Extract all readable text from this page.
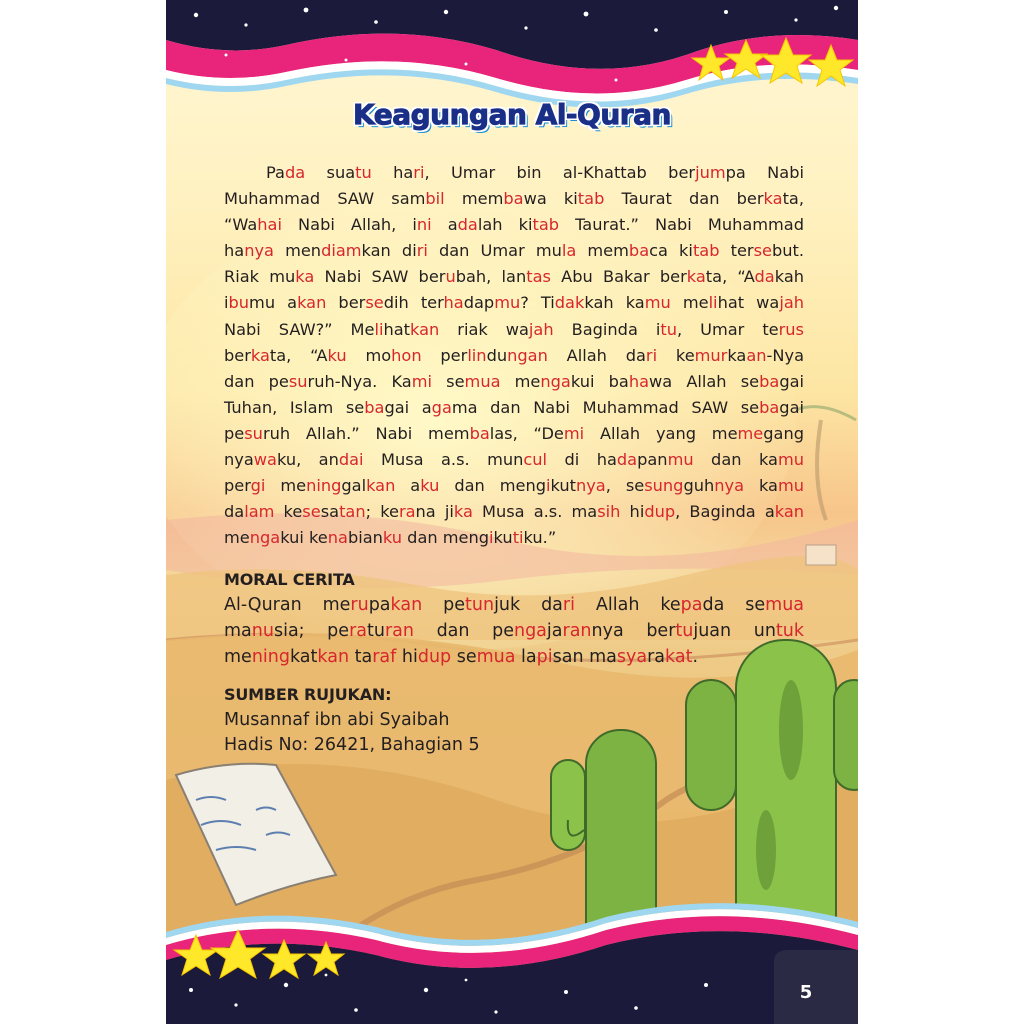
Keagungan Al-Quran
Pada suatu hari, Umar bin al-Khattab berjumpa Nabi
Muhammad SAW sambil membawa kitab Taurat dan berkata,
“Wahai Nabi Allah, ini adalah kitab Taurat.” Nabi Muhammad
hanya mendiamkan diri dan Umar mula membaca kitab tersebut.
Riak muka Nabi SAW berubah, lantas Abu Bakar berkata, “Adakah
ibumu akan bersedih terhadapmu? Tidakkah kamu melihat wajah
Nabi SAW?” Melihatkan riak wajah Baginda itu, Umar terus
berkata, “Aku mohon perlindungan Allah dari kemurkaan-Nya
dan pesuruh-Nya. Kami semua mengakui bahawa Allah sebagai
Tuhan, Islam sebagai agama dan Nabi Muhammad SAW sebagai
pesuruh Allah.” Nabi membalas, “Demi Allah yang memegang
nyawaku, andai Musa a.s. muncul di hadapanmu dan kamu
pergi meninggalkan aku dan mengikutnya, sesungguhnya kamu
dalam kesesatan; kerana jika Musa a.s. masih hidup, Baginda akan
mengakui kenabianku dan mengikutiku.”
MORAL CERITA
Al-Quran merupakan petunjuk dari Allah kepada semua
manusia; peraturan dan pengajarannya bertujuan untuk
meningkatkan taraf hidup semua lapisan masyarakat.
SUMBER RUJUKAN:
Musannaf ibn abi Syaibah
Hadis No: 26421, Bahagian 5
5
